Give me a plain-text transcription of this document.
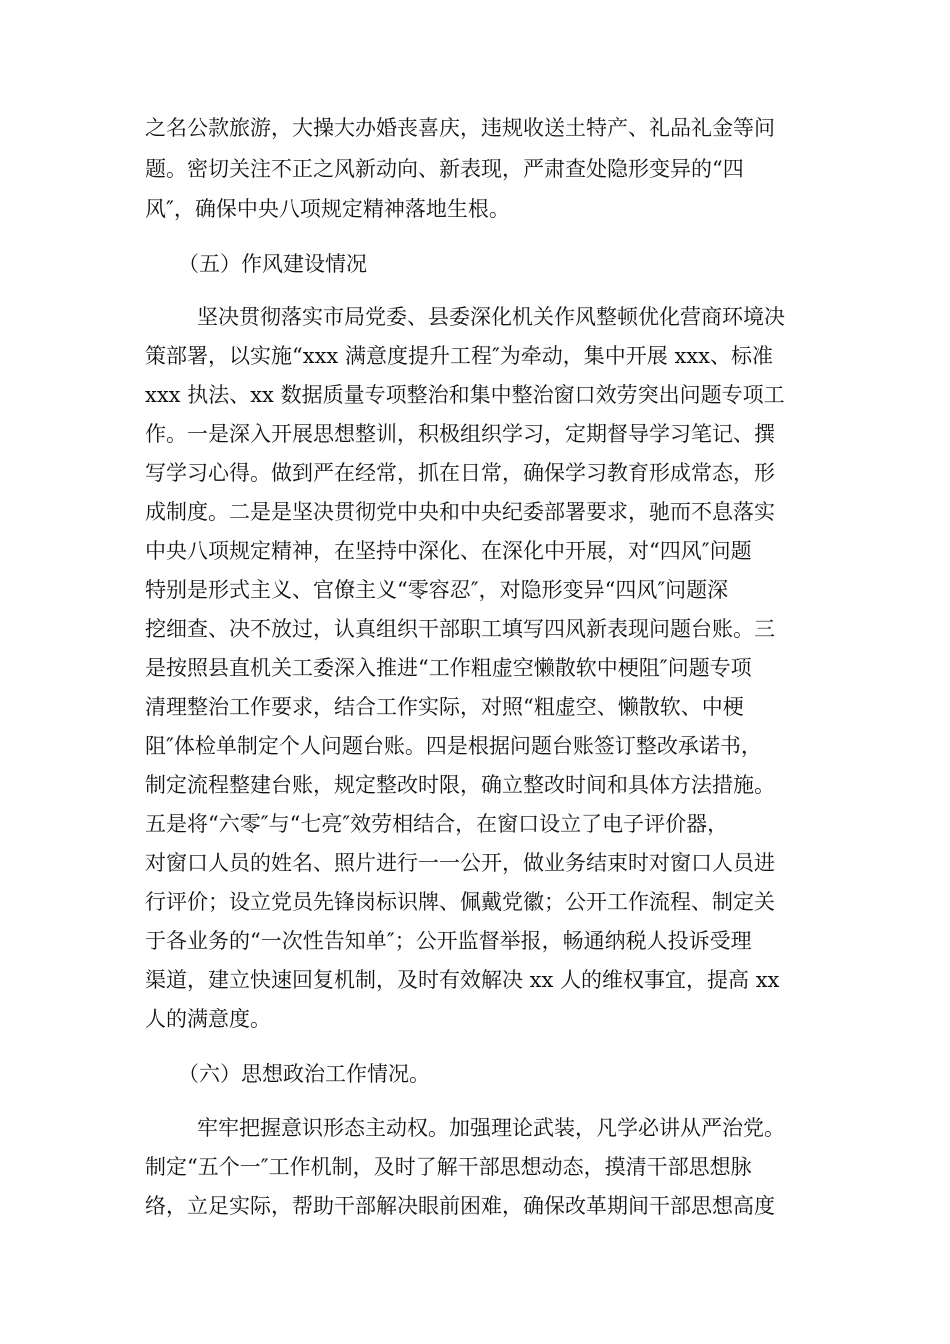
之名公款旅游，大操大办婚丧喜庆，违规收送土特产、礼品礼金等问
题。密切关注不正之风新动向、新表现，严肃查处隐形变异的“四
风″，确保中央八项规定精神落地生根。
（五）作风建设情况
坚决贯彻落实市局党委、县委深化机关作风整顿优化营商环境决
策部署，以实施“xxx 满意度提升工程″为牵动，集中开展 xxx、标准
xxx 执法、xx 数据质量专项整治和集中整治窗口效劳突出问题专项工
作。一是深入开展思想整训，积极组织学习，定期督导学习笔记、撰
写学习心得。做到严在经常，抓在日常，确保学习教育形成常态，形
成制度。二是是坚决贯彻党中央和中央纪委部署要求，驰而不息落实
中央八项规定精神，在坚持中深化、在深化中开展，对“四风″问题
特别是形式主义、官僚主义“零容忍″，对隐形变异“四风″问题深
挖细查、决不放过，认真组织干部职工填写四风新表现问题台账。三
是按照县直机关工委深入推进“工作粗虚空懒散软中梗阻″问题专项
清理整治工作要求，结合工作实际，对照“粗虚空、懒散软、中梗
阻″体检单制定个人问题台账。四是根据问题台账签订整改承诺书，
制定流程整建台账，规定整改时限，确立整改时间和具体方法措施。
五是将“六零″与“七亮″效劳相结合，在窗口设立了电子评价器，
对窗口人员的姓名、照片进行一一公开，做业务结束时对窗口人员进
行评价；设立党员先锋岗标识牌、佩戴党徽；公开工作流程、制定关
于各业务的“一次性告知单″；公开监督举报，畅通纳税人投诉受理
渠道，建立快速回复机制，及时有效解决 xx 人的维权事宜，提高 xx
人的满意度。
（六）思想政治工作情况。
牢牢把握意识形态主动权。加强理论武装，凡学必讲从严治党。
制定“五个一″工作机制，及时了解干部思想动态，摸清干部思想脉
络，立足实际，帮助干部解决眼前困难，确保改革期间干部思想高度
